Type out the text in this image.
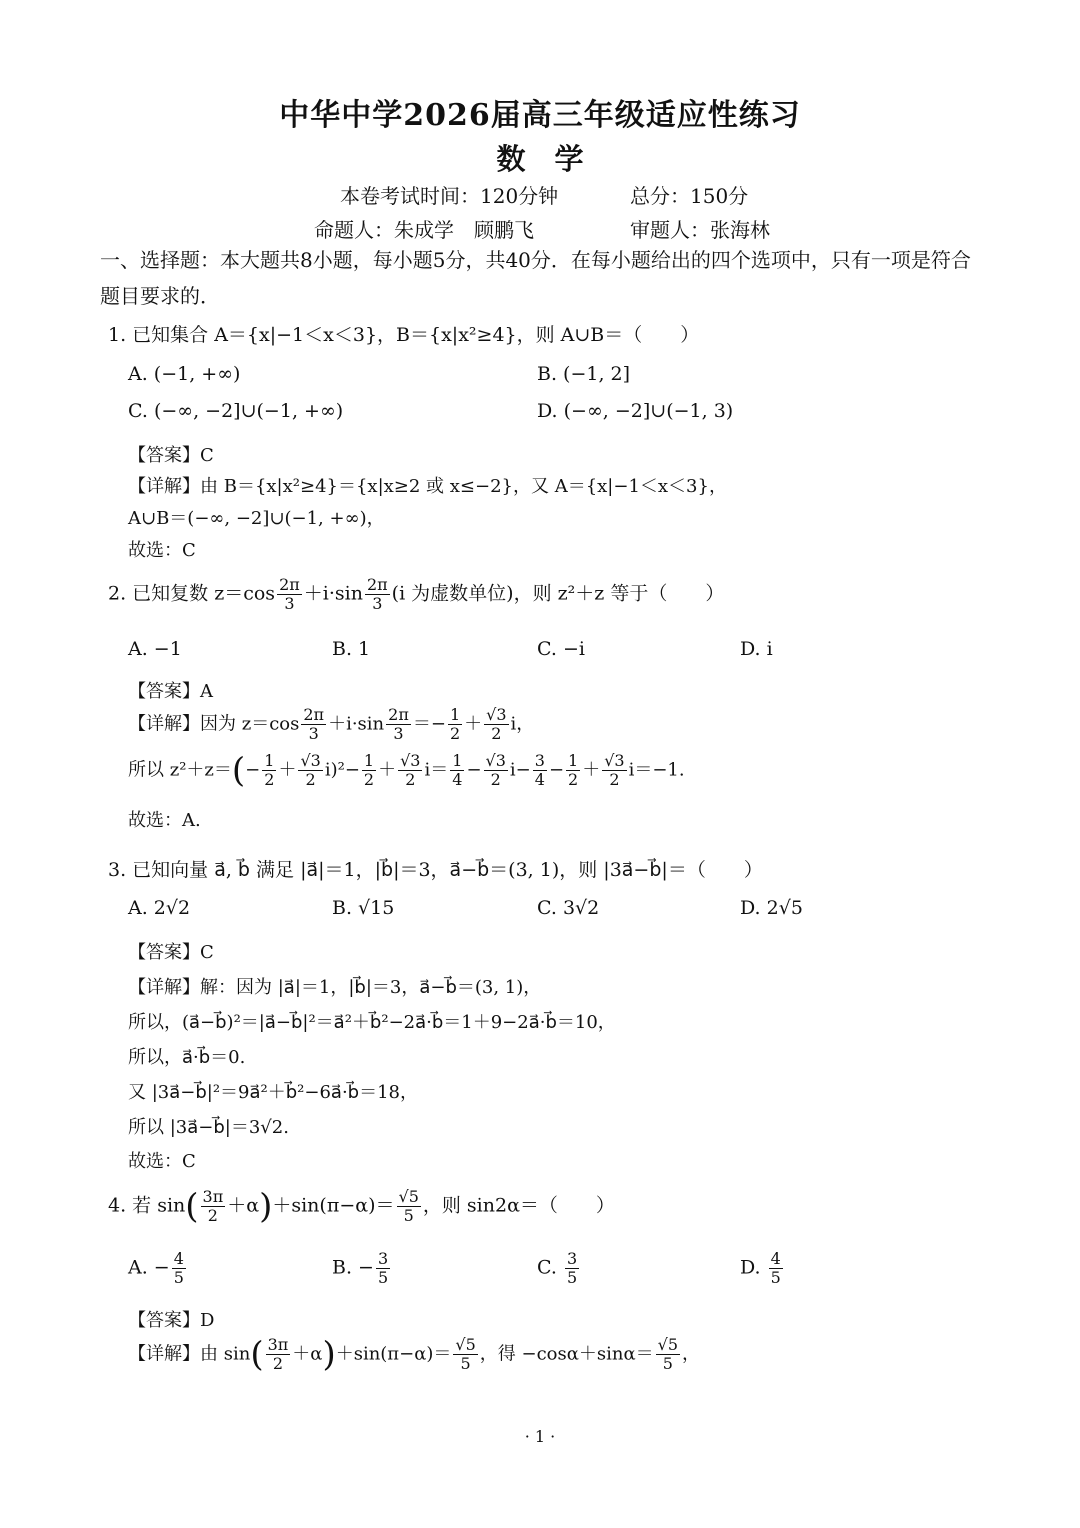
中华中学2026届高三年级适应性练习
数　学
本卷考试时间：120分钟	总分：150分
命题人：朱成学　顾鹏飞	审题人：张海林
一、选择题：本大题共8小题，每小题5分，共40分．在每小题给出的四个选项中，只有一项是符合题目要求的．
1. 已知集合 A＝{x|−1＜x＜3}，B＝{x|x²≥4}，则 A∪B＝（　　）
A. (−1, +∞)	B. (−1, 2]
C. (−∞, −2]∪(−1, +∞)	D. (−∞, −2]∪(−1, 3)
【答案】C
【详解】由 B＝{x|x²≥4}＝{x|x≥2 或 x≤−2}，又 A＝{x|−1＜x＜3}，
A∪B＝(−∞, −2]∪(−1, +∞)，
故选：C
2. 已知复数 $z=\cos \frac{2\pi}{3} +i\cdot\sin \frac{2\pi}{3} (i$ 为虚数单位)，则 z²＋z 等于（　　）
A. −1	B. 1	C. −i	D. i
【答案】A
【详解】因为 $z=\cos \frac{2\pi}{3} +i\cdot\sin \frac{2\pi}{3} =- \frac{1}{2} + \frac{√3}{2}$ i，
所以 $z^2+z=(- \frac{1}{2} + \frac{√3}{2} i)^2- \frac{1}{2} + \frac{√3}{2} i= \frac{1}{4} - \frac{√3}{2} i- \frac{3}{4} - \frac{1}{2} + \frac{√3}{2} i=-1$.
故选：A.
3. 已知向量 a⃗, b⃗ 满足 |a⃗|＝1，|b⃗|＝3，a⃗−b⃗＝(3, 1)，则 |3a⃗−b⃗|＝（　　）
A. 2√2	B. √15	C. 3√2	D. 2√5
【答案】C
【详解】解：因为 |a⃗|＝1，|b⃗|＝3，a⃗−b⃗＝(3, 1)，
所以，(a⃗−b⃗)²＝|a⃗−b⃗|²＝a⃗²＋b⃗²−2a⃗·b⃗＝1＋9−2a⃗·b⃗＝10，
所以，a⃗·b⃗＝0.
又 |3a⃗−b⃗|²＝9a⃗²＋b⃗²−6a⃗·b⃗＝18，
所以 |3a⃗−b⃗|＝3√2.
故选：C
4. 若 $\sin( \frac{3\pi}{2} +\alpha)+\sin(\pi-\alpha)= \frac{√5}{5}$ ，则 sin2α＝（　　）
A. − $\frac{4}{5}$	B. − $\frac{3}{5}$	C. $\frac{3}{5}$	D. $\frac{4}{5}$
【答案】D
【详解】由 $\sin( \frac{3\pi}{2} +\alpha)+\sin(\pi-\alpha)= \frac{√5}{5}$ ，得 $-\cos\alpha+\sin\alpha= \frac{√5}{5}$ ，
· 1 ·
